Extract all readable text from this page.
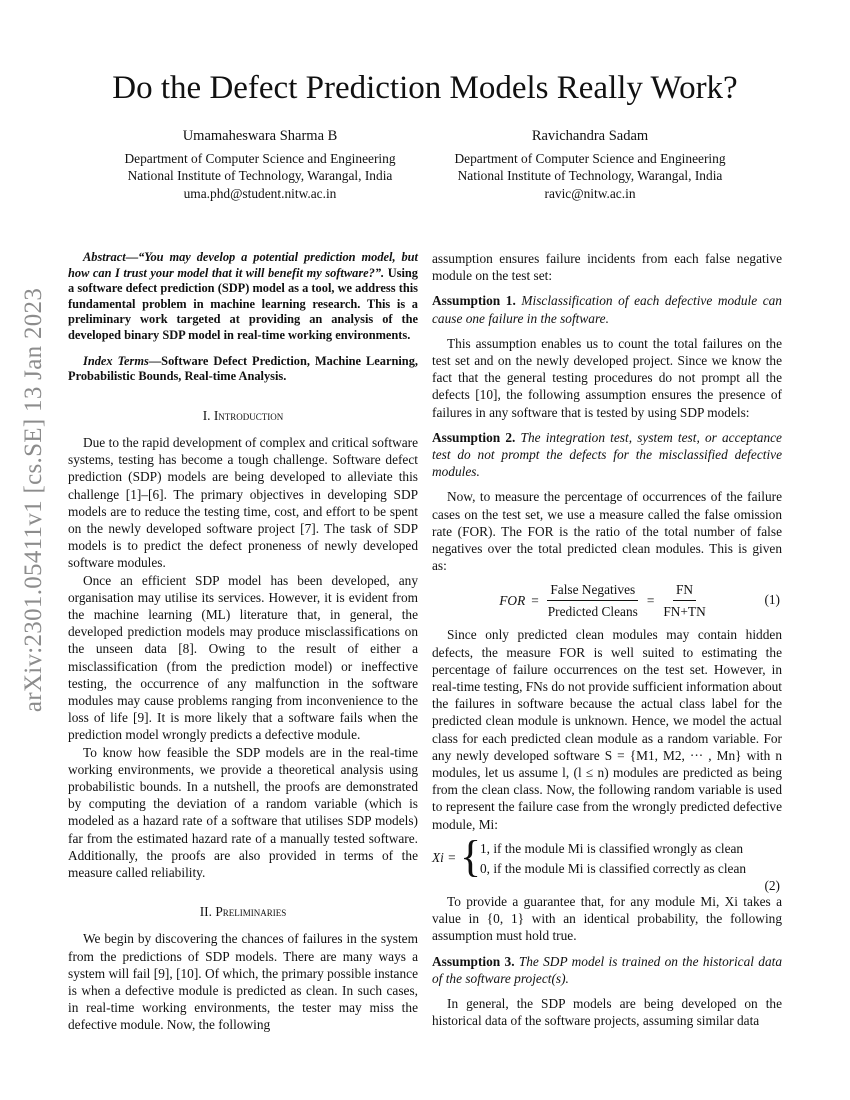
arXiv:2301.05411v1 [cs.SE] 13 Jan 2023
Do the Defect Prediction Models Really Work?
Umamaheswara Sharma B
Department of Computer Science and Engineering
National Institute of Technology, Warangal, India
uma.phd@student.nitw.ac.in
Ravichandra Sadam
Department of Computer Science and Engineering
National Institute of Technology, Warangal, India
ravic@nitw.ac.in

Abstract—“You may develop a potential prediction model, but how can I trust your model that it will benefit my software?”. Using a software defect prediction (SDP) model as a tool, we address this fundamental problem in machine learning research. This is a preliminary work targeted at providing an analysis of the developed binary SDP model in real-time working environments.

Index Terms—Software Defect Prediction, Machine Learning, Probabilistic Bounds, Real-time Analysis.

I. Introduction

Due to the rapid development of complex and critical software systems, testing has become a tough challenge. Software defect prediction (SDP) models are being developed to alleviate this challenge [1]–[6]. The primary objectives in developing SDP models are to reduce the testing time, cost, and effort to be spent on the newly developed software project [7]. The task of SDP models is to predict the defect proneness of newly developed software modules.

Once an efficient SDP model has been developed, any organisation may utilise its services. However, it is evident from the machine learning (ML) literature that, in general, the developed prediction models may produce misclassifications on the unseen data [8]. Owing to the result of either a misclassification (from the prediction model) or ineffective testing, the occurrence of any malfunction in the software modules may cause problems ranging from inconvenience to the loss of life [9]. It is more likely that a software fails when the prediction model wrongly predicts a defective module.

To know how feasible the SDP models are in the real-time working environments, we provide a theoretical analysis using probabilistic bounds. In a nutshell, the proofs are demonstrated by computing the deviation of a random variable (which is modeled as a hazard rate of a software that utilises SDP models) far from the estimated hazard rate of a manually tested software. Additionally, the proofs are also provided in terms of the measure called reliability.

II. Preliminaries

We begin by discovering the chances of failures in the system from the predictions of SDP models. There are many ways a system will fail [9], [10]. Of which, the primary possible instance is when a defective module is predicted as clean. In such cases, in real-time working environments, the tester may miss the defective module. Now, the following

assumption ensures failure incidents from each false negative module on the test set:

Assumption 1. Misclassification of each defective module can cause one failure in the software.

This assumption enables us to count the total failures on the test set and on the newly developed project. Since we know the fact that the general testing procedures do not prompt all the defects [10], the following assumption ensures the presence of failures in any software that is tested by using SDP models:

Assumption 2. The integration test, system test, or acceptance test do not prompt the defects for the misclassified defective modules.

Now, to measure the percentage of occurrences of the failure cases on the test set, we use a measure called the false omission rate (FOR). The FOR is the ratio of the total number of false negatives over the total predicted clean modules. This is given as:

FOR = $\frac{\text{False Negatives}}{\text{Predicted Cleans}} = \frac{FN}{FN+TN}$	(1)

Since only predicted clean modules may contain hidden defects, the measure FOR is well suited to estimating the percentage of failure occurrences on the test set. However, in real-time testing, FNs do not provide sufficient information about the failures in software because the actual class label for the predicted clean module is unknown. Hence, we model the actual class for each predicted clean module as a random variable. For any newly developed software S = {M1, M2, ··· , Mn} with n modules, let us assume l, (l ≤ n) modules are predicted as being from the clean class. Now, the following random variable is used to represent the failure case from the wrongly predicted defective module, Mi:

Xi = {
1, if the module Mi is classified wrongly as clean
0, if the module Mi is classified correctly as clean
(2)

To provide a guarantee that, for any module Mi, Xi takes a value in {0, 1} with an identical probability, the following assumption must hold true.

Assumption 3. The SDP model is trained on the historical data of the software project(s).

In general, the SDP models are being developed on the historical data of the software projects, assuming similar data
